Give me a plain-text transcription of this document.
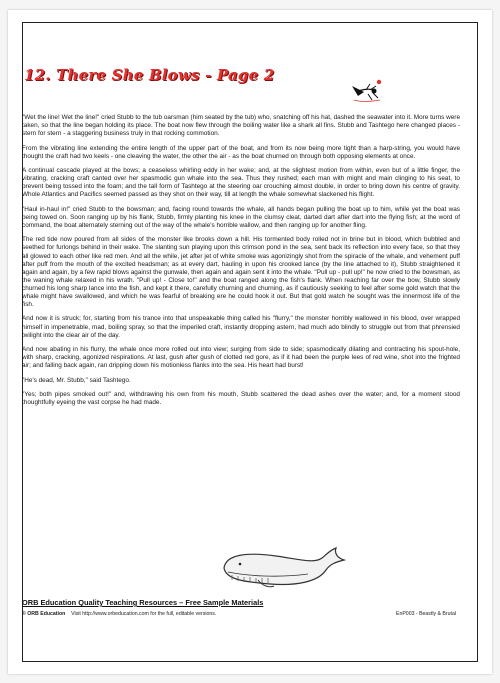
12. There She Blows - Page 2

"Wet the line! Wet the line!" cried Stubb to the tub oarsman (him seated by the tub) who, snatching off his hat, dashed the seawater into it. More turns were taken, so that the line began holding its place. The boat now flew through the boiling water like a shark all fins. Stubb and Tashtego here changed places - stern for stern - a staggering business truly in that rocking commotion.

From the vibrating line extending the entire length of the upper part of the boat, and from its now being more tight than a harp-string, you would have thought the craft had two keels - one cleaving the water, the other the air - as the boat churned on through both opposing elements at once.

A continual cascade played at the bows; a ceaseless whirling eddy in her wake; and, at the slightest motion from within, even but of a little finger, the vibrating, cracking craft canted over her spasmodic gun whale into the sea. Thus they rushed; each man with might and main clinging to his seat, to prevent being tossed into the foam; and the tall form of Tashtego at the steering oar crouching almost double, in order to bring down his centre of gravity. Whole Atlantics and Pacifics seemed passed as they shot on their way, till at length the whale somewhat slackened his flight.

"Haul in-haul in!" cried Stubb to the bowsman; and, facing round towards the whale, all hands began pulling the boat up to him, while yet the boat was being towed on. Soon ranging up by his flank, Stubb, firmly planting his knee in the clumsy cleat, darted dart after dart into the flying fish; at the word of command, the boat alternately sterning out of the way of the whale's horrible wallow, and then ranging up for another fling.

The red tide now poured from all sides of the monster like brooks down a hill. His tormented body rolled not in brine but in blood, which bubbled and seethed for furlongs behind in their wake. The slanting sun playing upon this crimson pond in the sea, sent back its reflection into every face, so that they all glowed to each other like red men. And all the while, jet after jet of white smoke was agonizingly shot from the spiracle of the whale, and vehement puff after puff from the mouth of the excited headsman; as at every dart, hauling in upon his crooked lance (by the line attached to it), Stubb straightened it again and again, by a few rapid blows against the gunwale, then again and again sent it into the whale. "Pull up - pull up!" he now cried to the bowsman, as the waning whale relaxed in his wrath. "Pull up! - Close to!" and the boat ranged along the fish's flank. When reaching far over the bow, Stubb slowly churned his long sharp lance into the fish, and kept it there, carefully churning and churning, as if cautiously seeking to feel after some gold watch that the whale might have swallowed, and which he was fearful of breaking ere he could hook it out. But that gold watch he sought was the innermost life of the fish.

And now it is struck; for, starting from his trance into that unspeakable thing called his "flurry," the monster horribly wallowed in his blood, over wrapped himself in impenetrable, mad, boiling spray, so that the imperiled craft, instantly dropping astern, had much ado blindly to struggle out from that phrensied twilight into the clear air of the day.

And now abating in his flurry, the whale once more rolled out into view; surging from side to side; spasmodically dilating and contracting his spout-hole, with sharp, cracking, agonized respirations. At last, gush after gush of clotted red gore, as if it had been the purple lees of red wine, shot into the frighted air; and falling back again, ran dripping down his motionless flanks into the sea. His heart had burst!

"He's dead, Mr. Stubb," said Tashtego.

"Yes; both pipes smoked out!" and, withdrawing his own from his mouth, Stubb scattered the dead ashes over the water; and, for a moment stood thoughtfully eyeing the vast corpse he had made.

ORB Education Quality Teaching Resources – Free Sample Materials
© ORB Education Visit http://www.orbeducation.com for the full, editable versions.	EnP003 - Beastly & Brutal
